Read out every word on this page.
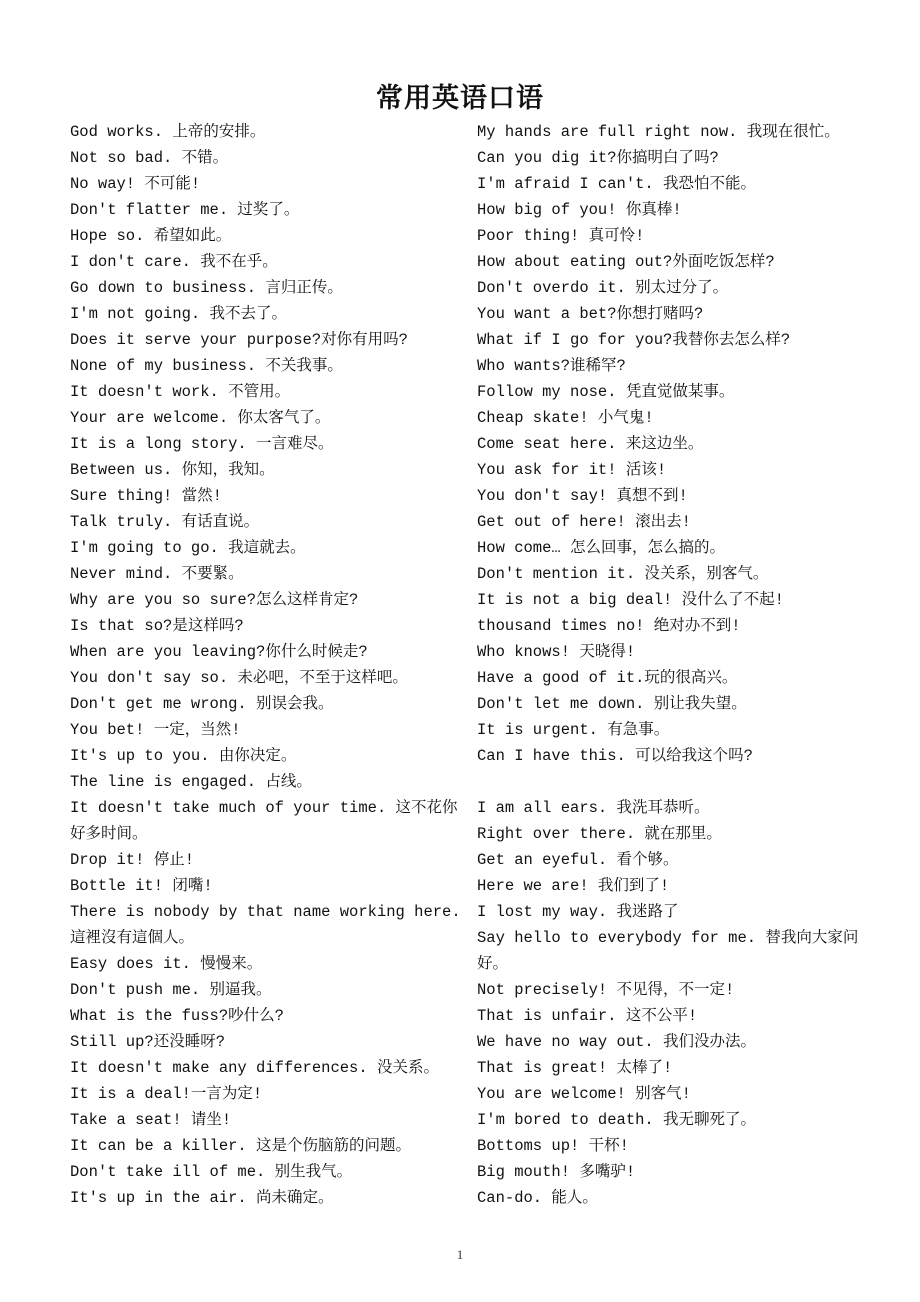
常用英语口语
God works. 上帝的安排。
Not so bad. 不错。
No way! 不可能!
Don't flatter me. 过奖了。
Hope so. 希望如此。
I don't care. 我不在乎。
Go down to business. 言归正传。
I'm not going. 我不去了。
Does it serve your purpose?对你有用吗?
None of my business. 不关我事。
It doesn't work. 不管用。
Your are welcome. 你太客气了。
It is a long story. 一言难尽。
Between us. 你知，我知。
Sure thing! 當然!
Talk truly. 有话直说。
I'm going to go. 我這就去。
Never mind. 不要緊。
Why are you so sure?怎么这样肯定?
Is that so?是这样吗?
When are you leaving?你什么时候走?
You don't say so. 未必吧，不至于这样吧。
Don't get me wrong. 别误会我。
You bet! 一定，当然!
It's up to you. 由你决定。
The line is engaged. 占线。
It doesn't take much of your time. 这不花你好多时间。
Drop it! 停止!
Bottle it! 闭嘴!
There is nobody by that name working here. 這裡沒有這個人。
Easy does it. 慢慢来。
Don't push me. 别逼我。
What is the fuss?吵什么?
Still up?还没睡呀?
It doesn't make any differences. 没关系。
It is a deal!一言为定!
Take a seat! 请坐!
It can be a killer. 这是个伤脑筋的问题。
Don't take ill of me. 别生我气。
It's up in the air. 尚未确定。
My hands are full right now. 我现在很忙。
Can you dig it?你搞明白了吗?
I'm afraid I can't. 我恐怕不能。
How big of you! 你真棒!
Poor thing! 真可怜!
How about eating out?外面吃饭怎样?
Don't overdo it. 别太过分了。
You want a bet?你想打赌吗?
What if I go for you?我替你去怎么样?
Who wants?谁稀罕?
Follow my nose. 凭直觉做某事。
Cheap skate! 小气鬼!
Come seat here. 来这边坐。
You ask for it! 活该!
You don't say! 真想不到!
Get out of here! 滚出去!
How come… 怎么回事，怎么搞的。
Don't mention it. 没关系，别客气。
It is not a big deal! 没什么了不起!
thousand times no! 绝对办不到!
Who knows! 天晓得!
Have a good of it.玩的很高兴。
Don't let me down. 别让我失望。
It is urgent. 有急事。
Can I have this. 可以给我这个吗?
I am all ears. 我洗耳恭听。
Right over there. 就在那里。
Get an eyeful. 看个够。
Here we are! 我们到了!
I lost my way. 我迷路了
Say hello to everybody for me. 替我向大家问好。
Not precisely! 不见得，不一定!
That is unfair. 这不公平!
We have no way out. 我们没办法。
That is great! 太棒了!
You are welcome! 别客气!
I'm bored to death. 我无聊死了。
Bottoms up! 干杯!
Big mouth! 多嘴驴!
Can-do. 能人。
1
